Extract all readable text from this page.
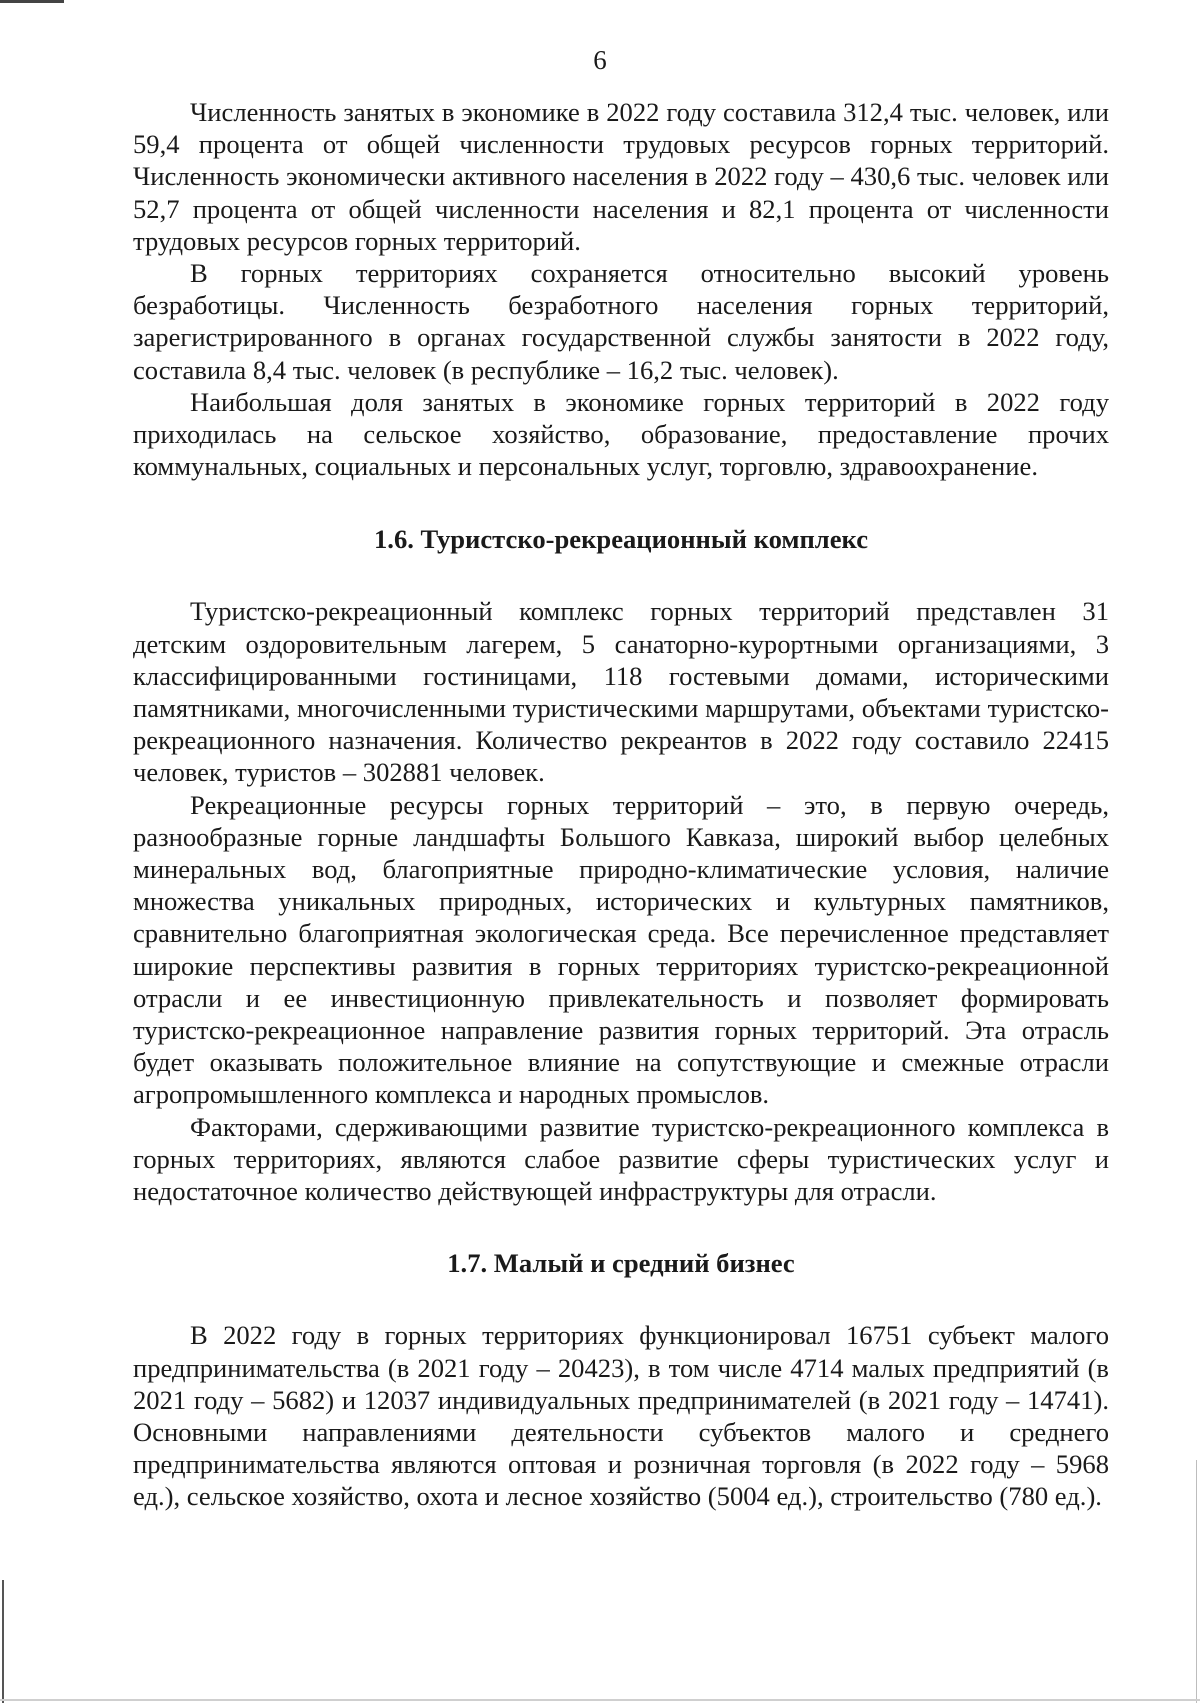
6

Численность занятых в экономике в 2022 году составила 312,4 тыс. человек, или 59,4 процента от общей численности трудовых ресурсов горных территорий. Численность экономически активного населения в 2022 году – 430,6 тыс. человек или 52,7 процента от общей численности населения и 82,1 процента от численности трудовых ресурсов горных территорий.

В горных территориях сохраняется относительно высокий уровень безработицы. Численность безработного населения горных территорий, зарегистрированного в органах государственной службы занятости в 2022 году, составила 8,4 тыс. человек (в республике – 16,2 тыс. человек).

Наибольшая доля занятых в экономике горных территорий в 2022 году приходилась на сельское хозяйство, образование, предоставление прочих коммунальных, социальных и персональных услуг, торговлю, здравоохранение.

1.6. Туристско-рекреационный комплекс

Туристско-рекреационный комплекс горных территорий представлен 31 детским оздоровительным лагерем, 5 санаторно-курортными организациями, 3 классифицированными гостиницами, 118 гостевыми домами, историческими памятниками, многочисленными туристическими маршрутами, объектами туристско-рекреационного назначения. Количество рекреантов в 2022 году составило 22415 человек, туристов – 302881 человек.

Рекреационные ресурсы горных территорий – это, в первую очередь, разнообразные горные ландшафты Большого Кавказа, широкий выбор целебных минеральных вод, благоприятные природно-климатические условия, наличие множества уникальных природных, исторических и культурных памятников, сравнительно благоприятная экологическая среда. Все перечисленное представляет широкие перспективы развития в горных территориях туристско-рекреационной отрасли и ее инвестиционную привлекательность и позволяет формировать туристско-рекреационное направление развития горных территорий. Эта отрасль будет оказывать положительное влияние на сопутствующие и смежные отрасли агропромышленного комплекса и народных промыслов.

Факторами, сдерживающими развитие туристско-рекреационного комплекса в горных территориях, являются слабое развитие сферы туристических услуг и недостаточное количество действующей инфраструктуры для отрасли.

1.7. Малый и средний бизнес

В 2022 году в горных территориях функционировал 16751 субъект малого предпринимательства (в 2021 году – 20423), в том числе 4714 малых предприятий (в 2021 году – 5682) и 12037 индивидуальных предпринимателей (в 2021 году – 14741). Основными направлениями деятельности субъектов малого и среднего предпринимательства являются оптовая и розничная торговля (в 2022 году – 5968 ед.), сельское хозяйство, охота и лесное хозяйство (5004 ед.), строительство (780 ед.).
